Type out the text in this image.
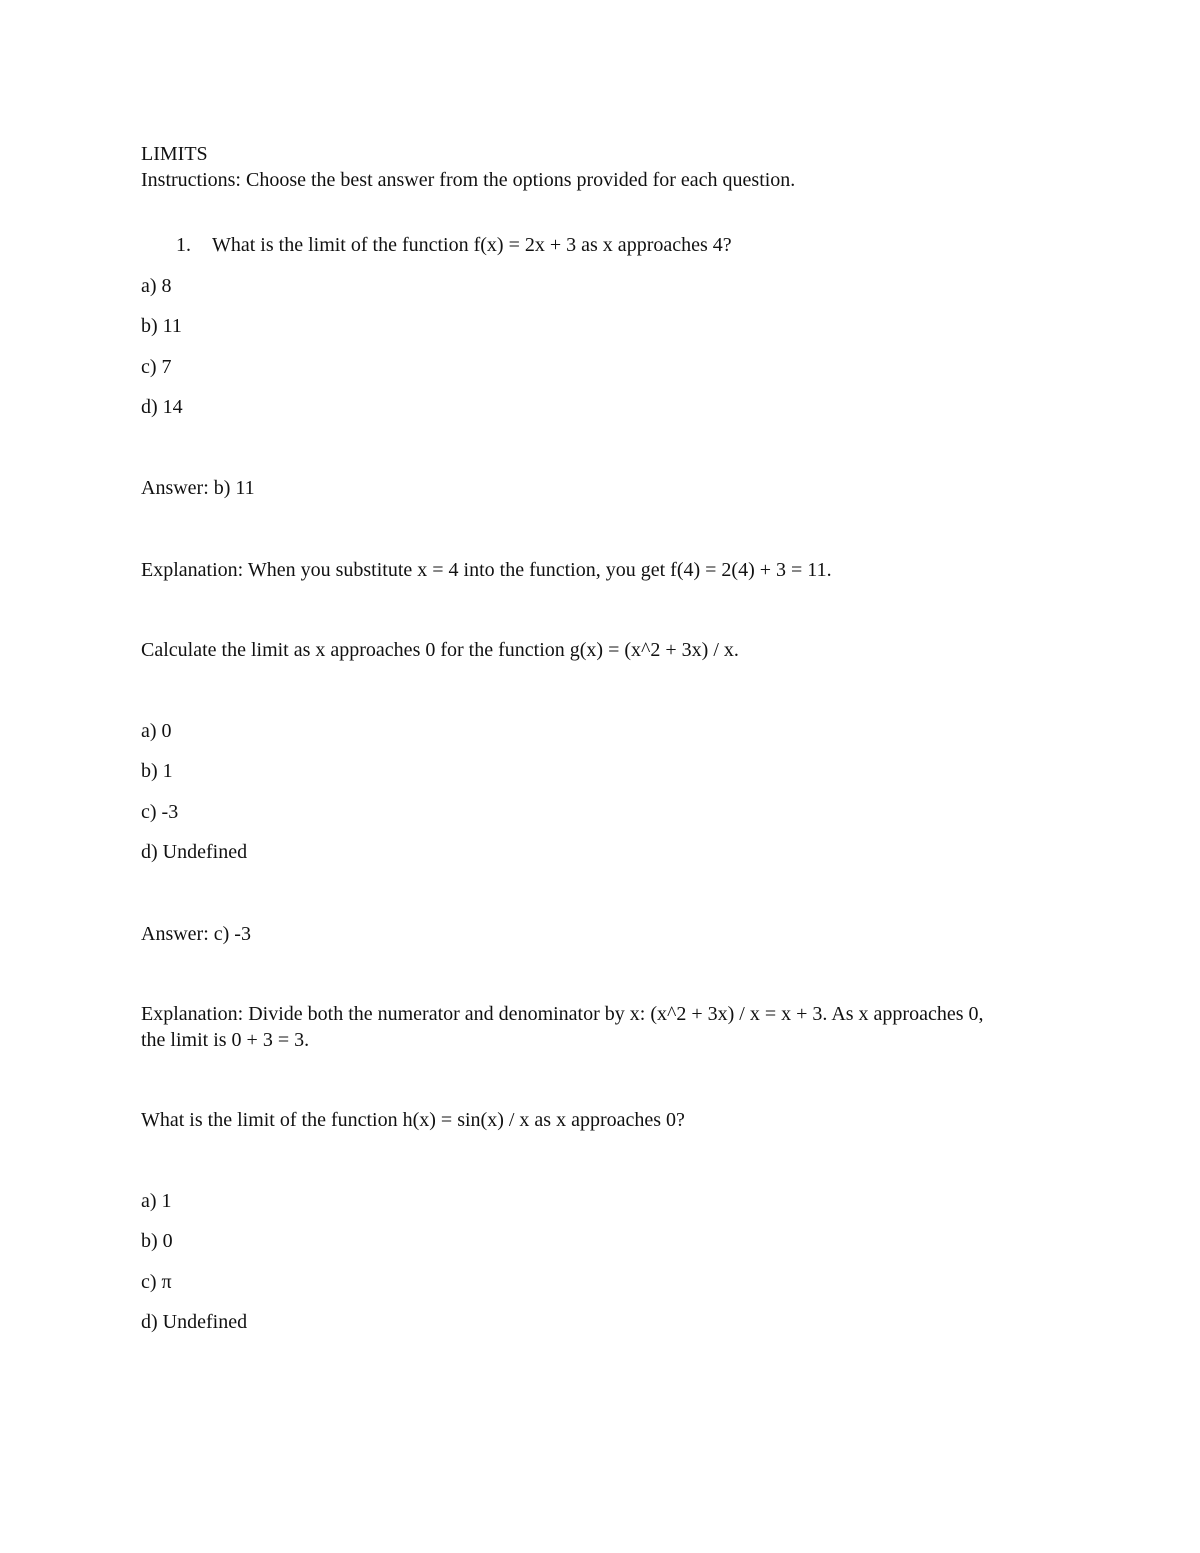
LIMITS
Instructions: Choose the best answer from the options provided for each question.
1. What is the limit of the function f(x) = 2x + 3 as x approaches 4?
a) 8
b) 11
c) 7
d) 14
Answer: b) 11
Explanation: When you substitute x = 4 into the function, you get f(4) = 2(4) + 3 = 11.
Calculate the limit as x approaches 0 for the function g(x) = (x^2 + 3x) / x.
a) 0
b) 1
c) -3
d) Undefined
Answer: c) -3
Explanation: Divide both the numerator and denominator by x: (x^2 + 3x) / x = x + 3. As x approaches 0,
the limit is 0 + 3 = 3.
What is the limit of the function h(x) = sin(x) / x as x approaches 0?
a) 1
b) 0
c) π
d) Undefined
